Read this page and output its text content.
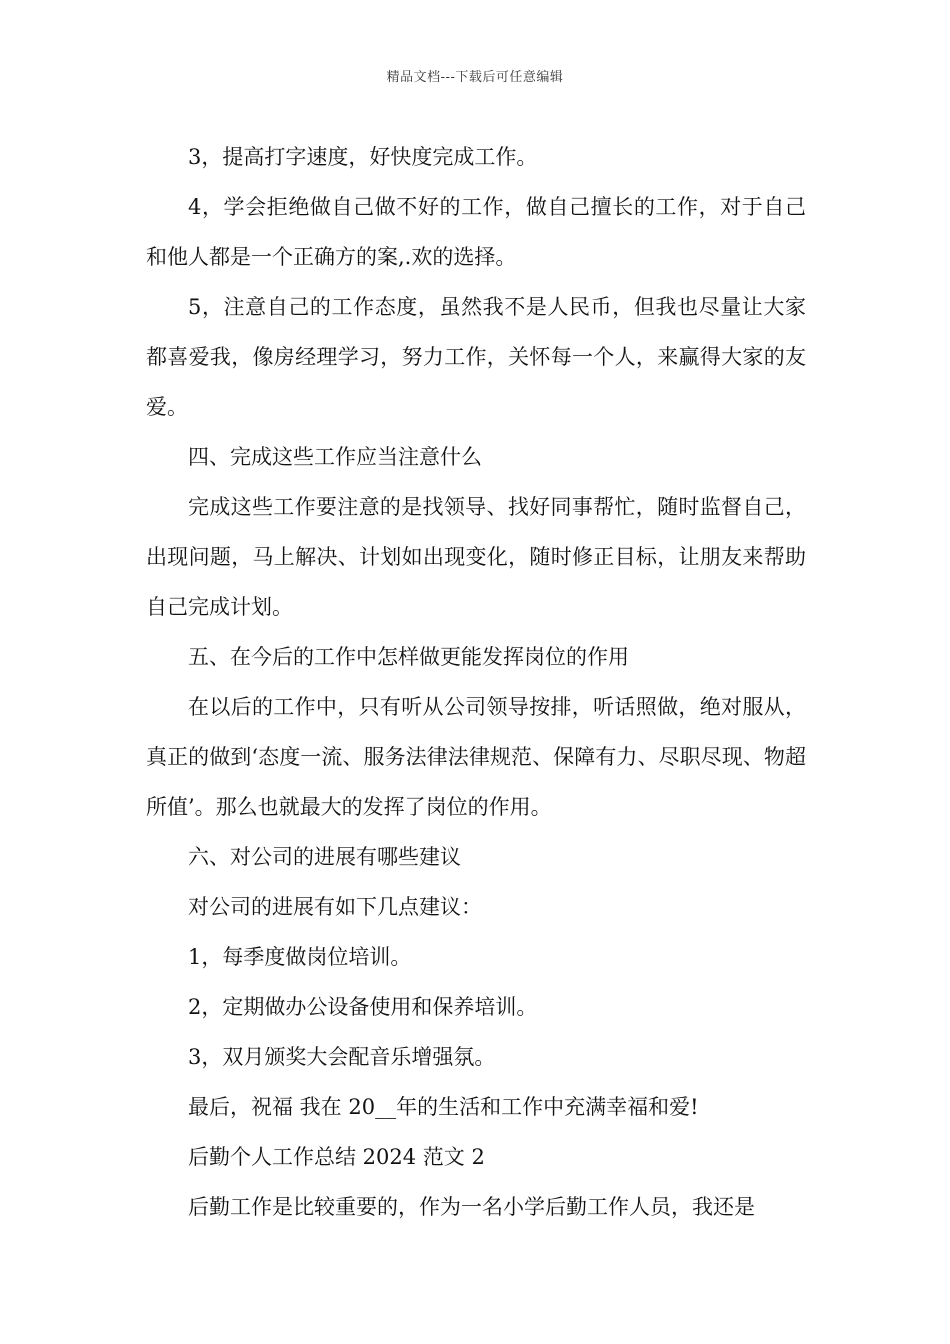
精品文档---下载后可任意编辑

3，提高打字速度，好快度完成工作。

4，学会拒绝做自己做不好的工作，做自己擅长的工作，对于自己和他人都是一个正确方的案,.欢的选择。

5，注意自己的工作态度，虽然我不是人民币，但我也尽量让大家都喜爱我，像房经理学习，努力工作，关怀每一个人，来赢得大家的友爱。

四、完成这些工作应当注意什么

完成这些工作要注意的是找领导、找好同事帮忙，随时监督自己，出现问题，马上解决、计划如出现变化，随时修正目标，让朋友来帮助自己完成计划。

五、在今后的工作中怎样做更能发挥岗位的作用

在以后的工作中，只有听从公司领导按排，听话照做，绝对服从，真正的做到‘态度一流、服务法律法律规范、保障有力、尽职尽现、物超所值’。那么也就最大的发挥了岗位的作用。

六、对公司的进展有哪些建议

对公司的进展有如下几点建议：

1，每季度做岗位培训。

2，定期做办公设备使用和保养培训。

3，双月颁奖大会配音乐增强氛。

最后，祝福 我在 20__年的生活和工作中充满幸福和爱!

后勤个人工作总结 2024 范文 2

后勤工作是比较重要的，作为一名小学后勤工作人员，我还是
